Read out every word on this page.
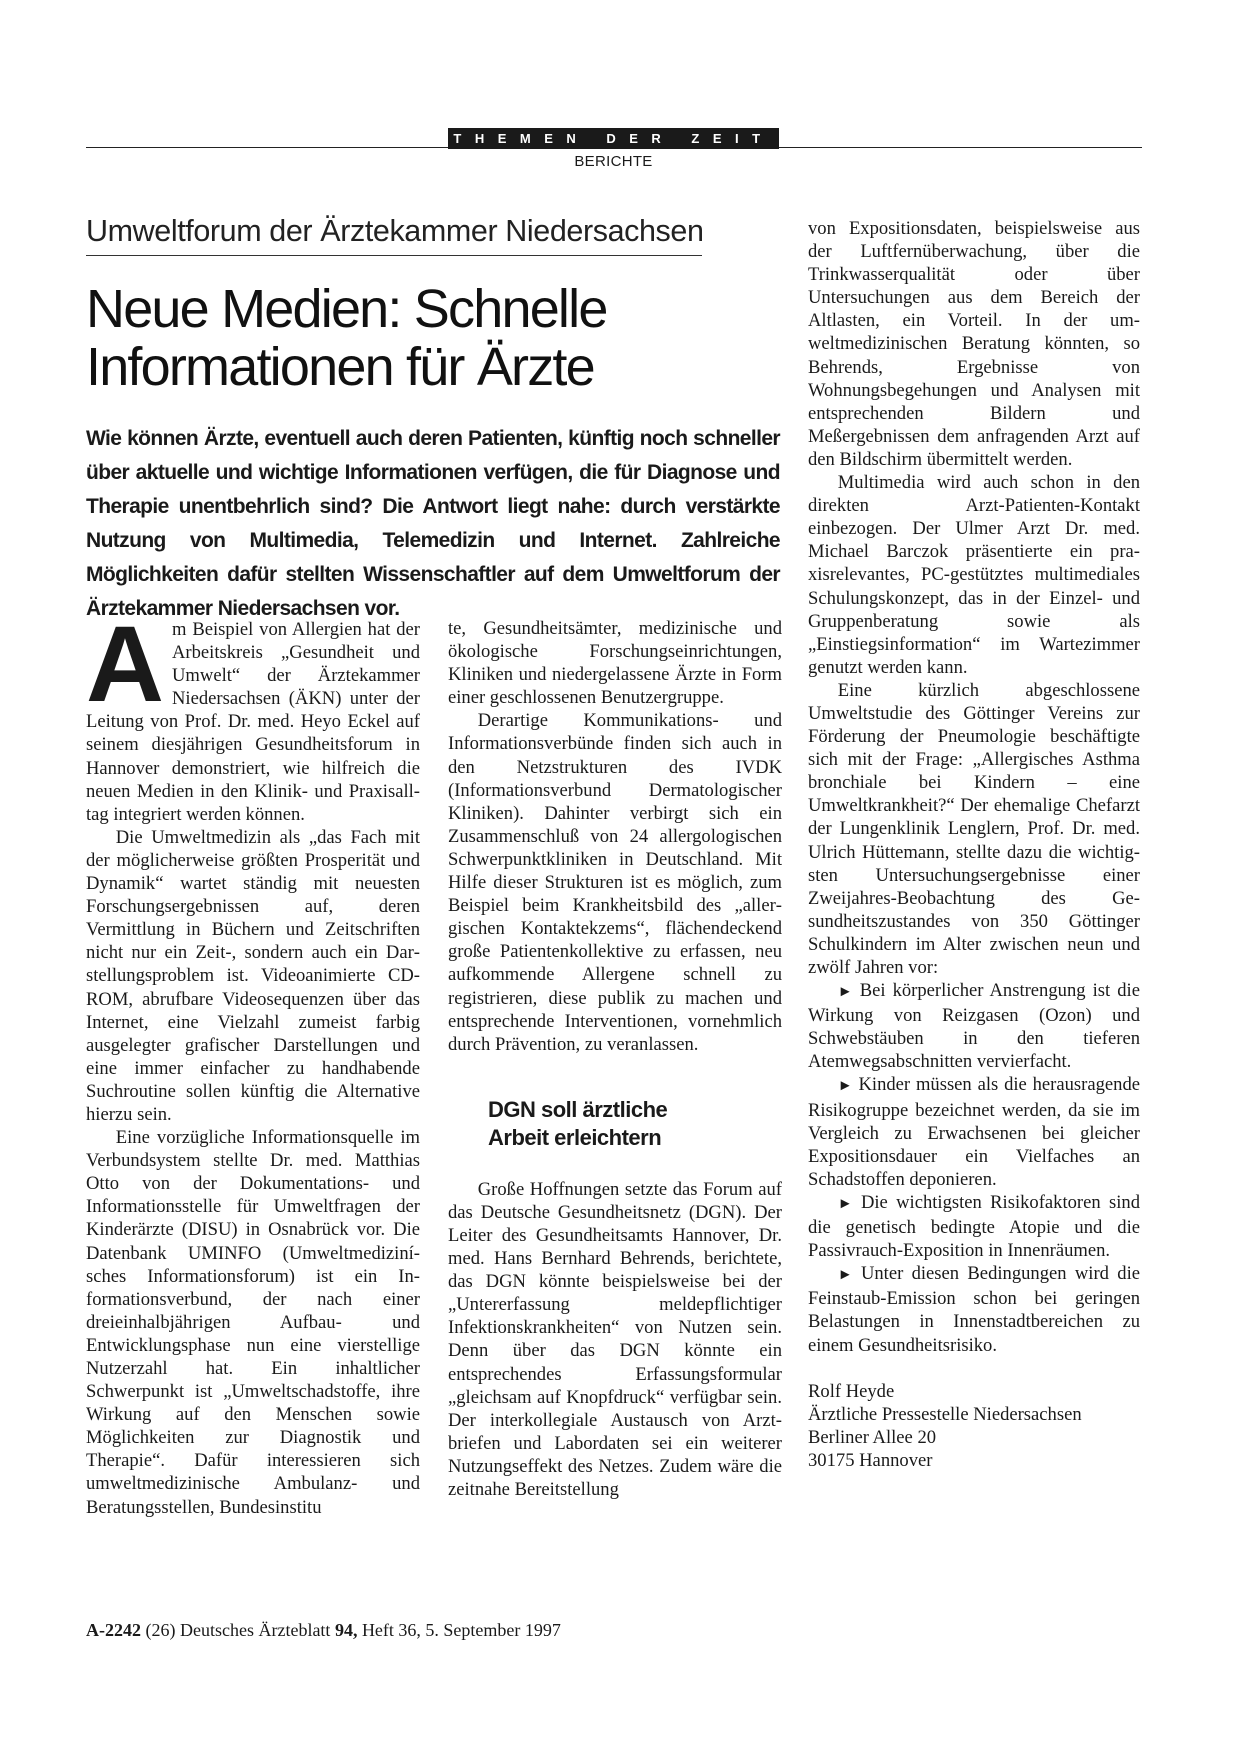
THEMEN DER ZEIT
BERICHTE
Umweltforum der Ärztekammer Niedersachsen
Neue Medien: Schnelle
Informationen für Ärzte

Wie können Ärzte, eventuell auch deren Patienten, künftig noch schneller über aktuelle und wichtige Informationen verfügen, die für Diagnose und Therapie unentbehrlich sind? Die Antwort liegt nahe: durch verstärkte Nutzung von Multimedia, Telemedizin und Internet. Zahlreiche Möglichkeiten dafür stellten Wissenschaftler auf dem Umweltforum der Ärztekammer Niedersachsen vor.

A m Beispiel von Allergien hat der Arbeitskreis „Gesundheit und Umwelt“ der Ärztekammer Niedersachsen (ÄKN) unter der Leitung von Prof. Dr. med. Heyo Eckel auf seinem diesjährigen Gesundheitsforum in Hannover demonstriert, wie hilfreich die neuen Medien in den Klinik- und Praxisalltag integriert werden können.

Die Umweltmedizin als „das Fach mit der möglicherweise größten Prosperität und Dynamik“ wartet ständig mit neuesten Forschungsergebnissen auf, deren Vermittlung in Büchern und Zeitschriften nicht nur ein Zeit-, sondern auch ein Darstellungsproblem ist. Videoanimierte CD-ROM, abrufbare Videosequenzen über das Internet, eine Vielzahl zumeist farbig ausgelegter grafischer Darstellungen und eine immer einfacher zu handhabende Suchroutine sollen künftig die Alternative hierzu sein.

Eine vorzügliche Informationsquelle im Verbundsystem stellte Dr. med. Matthias Otto von der Dokumentations- und Informationsstelle für Umweltfragen der Kinderärzte (DISU) in Osnabrück vor. Die Datenbank UMINFO (Umweltmedizinísches Informationsforum) ist ein Informationsverbund, der nach einer dreieinhalbjährigen Aufbau- und Entwicklungsphase nun eine vierstellige Nutzerzahl hat. Ein inhaltlicher Schwerpunkt ist „Umweltschadstoffe, ihre Wirkung auf den Menschen sowie Möglichkeiten zur Diagnostik und Therapie“. Dafür interessieren sich umweltmedizinische Ambulanz- und Beratungsstellen, Bundesinstitu

te, Gesundheitsämter, medizinische und ökologische Forschungseinrichtungen, Kliniken und niedergelassene Ärzte in Form einer geschlossenen Benutzergruppe.

Derartige Kommunikations- und Informationsverbünde finden sich auch in den Netzstrukturen des IVDK (Informationsverbund Dermatologischer Kliniken). Dahinter verbirgt sich ein Zusammenschluß von 24 allergologischen Schwerpunktkliniken in Deutschland. Mit Hilfe dieser Strukturen ist es möglich, zum Beispiel beim Krankheitsbild des „allergischen Kontaktekzems“, flächendeckend große Patientenkollektive zu erfassen, neu aufkommende Allergene schnell zu registrieren, diese publik zu machen und entsprechende Interventionen, vornehmlich durch Prävention, zu veranlassen.

DGN soll ärztliche
Arbeit erleichtern

Große Hoffnungen setzte das Forum auf das Deutsche Gesundheitsnetz (DGN). Der Leiter des Gesundheitsamts Hannover, Dr. med. Hans Bernhard Behrends, berichtete, das DGN könnte beispielsweise bei der „Untererfassung meldepflichtiger Infektionskrankheiten“ von Nutzen sein. Denn über das DGN könnte ein entsprechendes Erfassungsformular „gleichsam auf Knopfdruck“ verfügbar sein. Der interkollegiale Austausch von Arztbriefen und Labordaten sei ein weiterer Nutzungseffekt des Netzes. Zudem wäre die zeitnahe Bereitstellung

von Expositionsdaten, beispielsweise aus der Luftfernüberwachung, über die Trinkwasserqualität oder über Untersuchungen aus dem Bereich der Altlasten, ein Vorteil. In der umweltmedizinischen Beratung könnten, so Behrends, Ergebnisse von Wohnungsbegehungen und Analysen mit entsprechenden Bildern und Meßergebnissen dem anfragenden Arzt auf den Bildschirm übermittelt werden.

Multimedia wird auch schon in den direkten Arzt-Patienten-Kontakt einbezogen. Der Ulmer Arzt Dr. med. Michael Barczok präsentierte ein praxisrelevantes, PC-gestütztes multimediales Schulungskonzept, das in der Einzel- und Gruppenberatung sowie als „Einstiegsinformation“ im Wartezimmer genutzt werden kann.

Eine kürzlich abgeschlossene Umweltstudie des Göttinger Vereins zur Förderung der Pneumologie beschäftigte sich mit der Frage: „Allergisches Asthma bronchiale bei Kindern – eine Umweltkrankheit?“ Der ehemalige Chefarzt der Lungenklinik Lenglern, Prof. Dr. med. Ulrich Hüttemann, stellte dazu die wichtigsten Untersuchungsergebnisse einer Zweijahres-Beobachtung des Gesundheitszustandes von 350 Göttinger Schulkindern im Alter zwischen neun und zwölf Jahren vor:

► Bei körperlicher Anstrengung ist die Wirkung von Reizgasen (Ozon) und Schwebstäuben in den tieferen Atemwegsabschnitten vervierfacht.

► Kinder müssen als die herausragende Risikogruppe bezeichnet werden, da sie im Vergleich zu Erwachsenen bei gleicher Expositionsdauer ein Vielfaches an Schadstoffen deponieren.

► Die wichtigsten Risikofaktoren sind die genetisch bedingte Atopie und die Passivrauch-Exposition in Innenräumen.

► Unter diesen Bedingungen wird die Feinstaub-Emission schon bei geringen Belastungen in Innenstadtbereichen zu einem Gesundheitsrisiko.

Rolf Heyde
Ärztliche Pressestelle Niedersachsen
Berliner Allee 20
30175 Hannover
A-2242 (26) Deutsches Ärzteblatt 94, Heft 36, 5. September 1997
